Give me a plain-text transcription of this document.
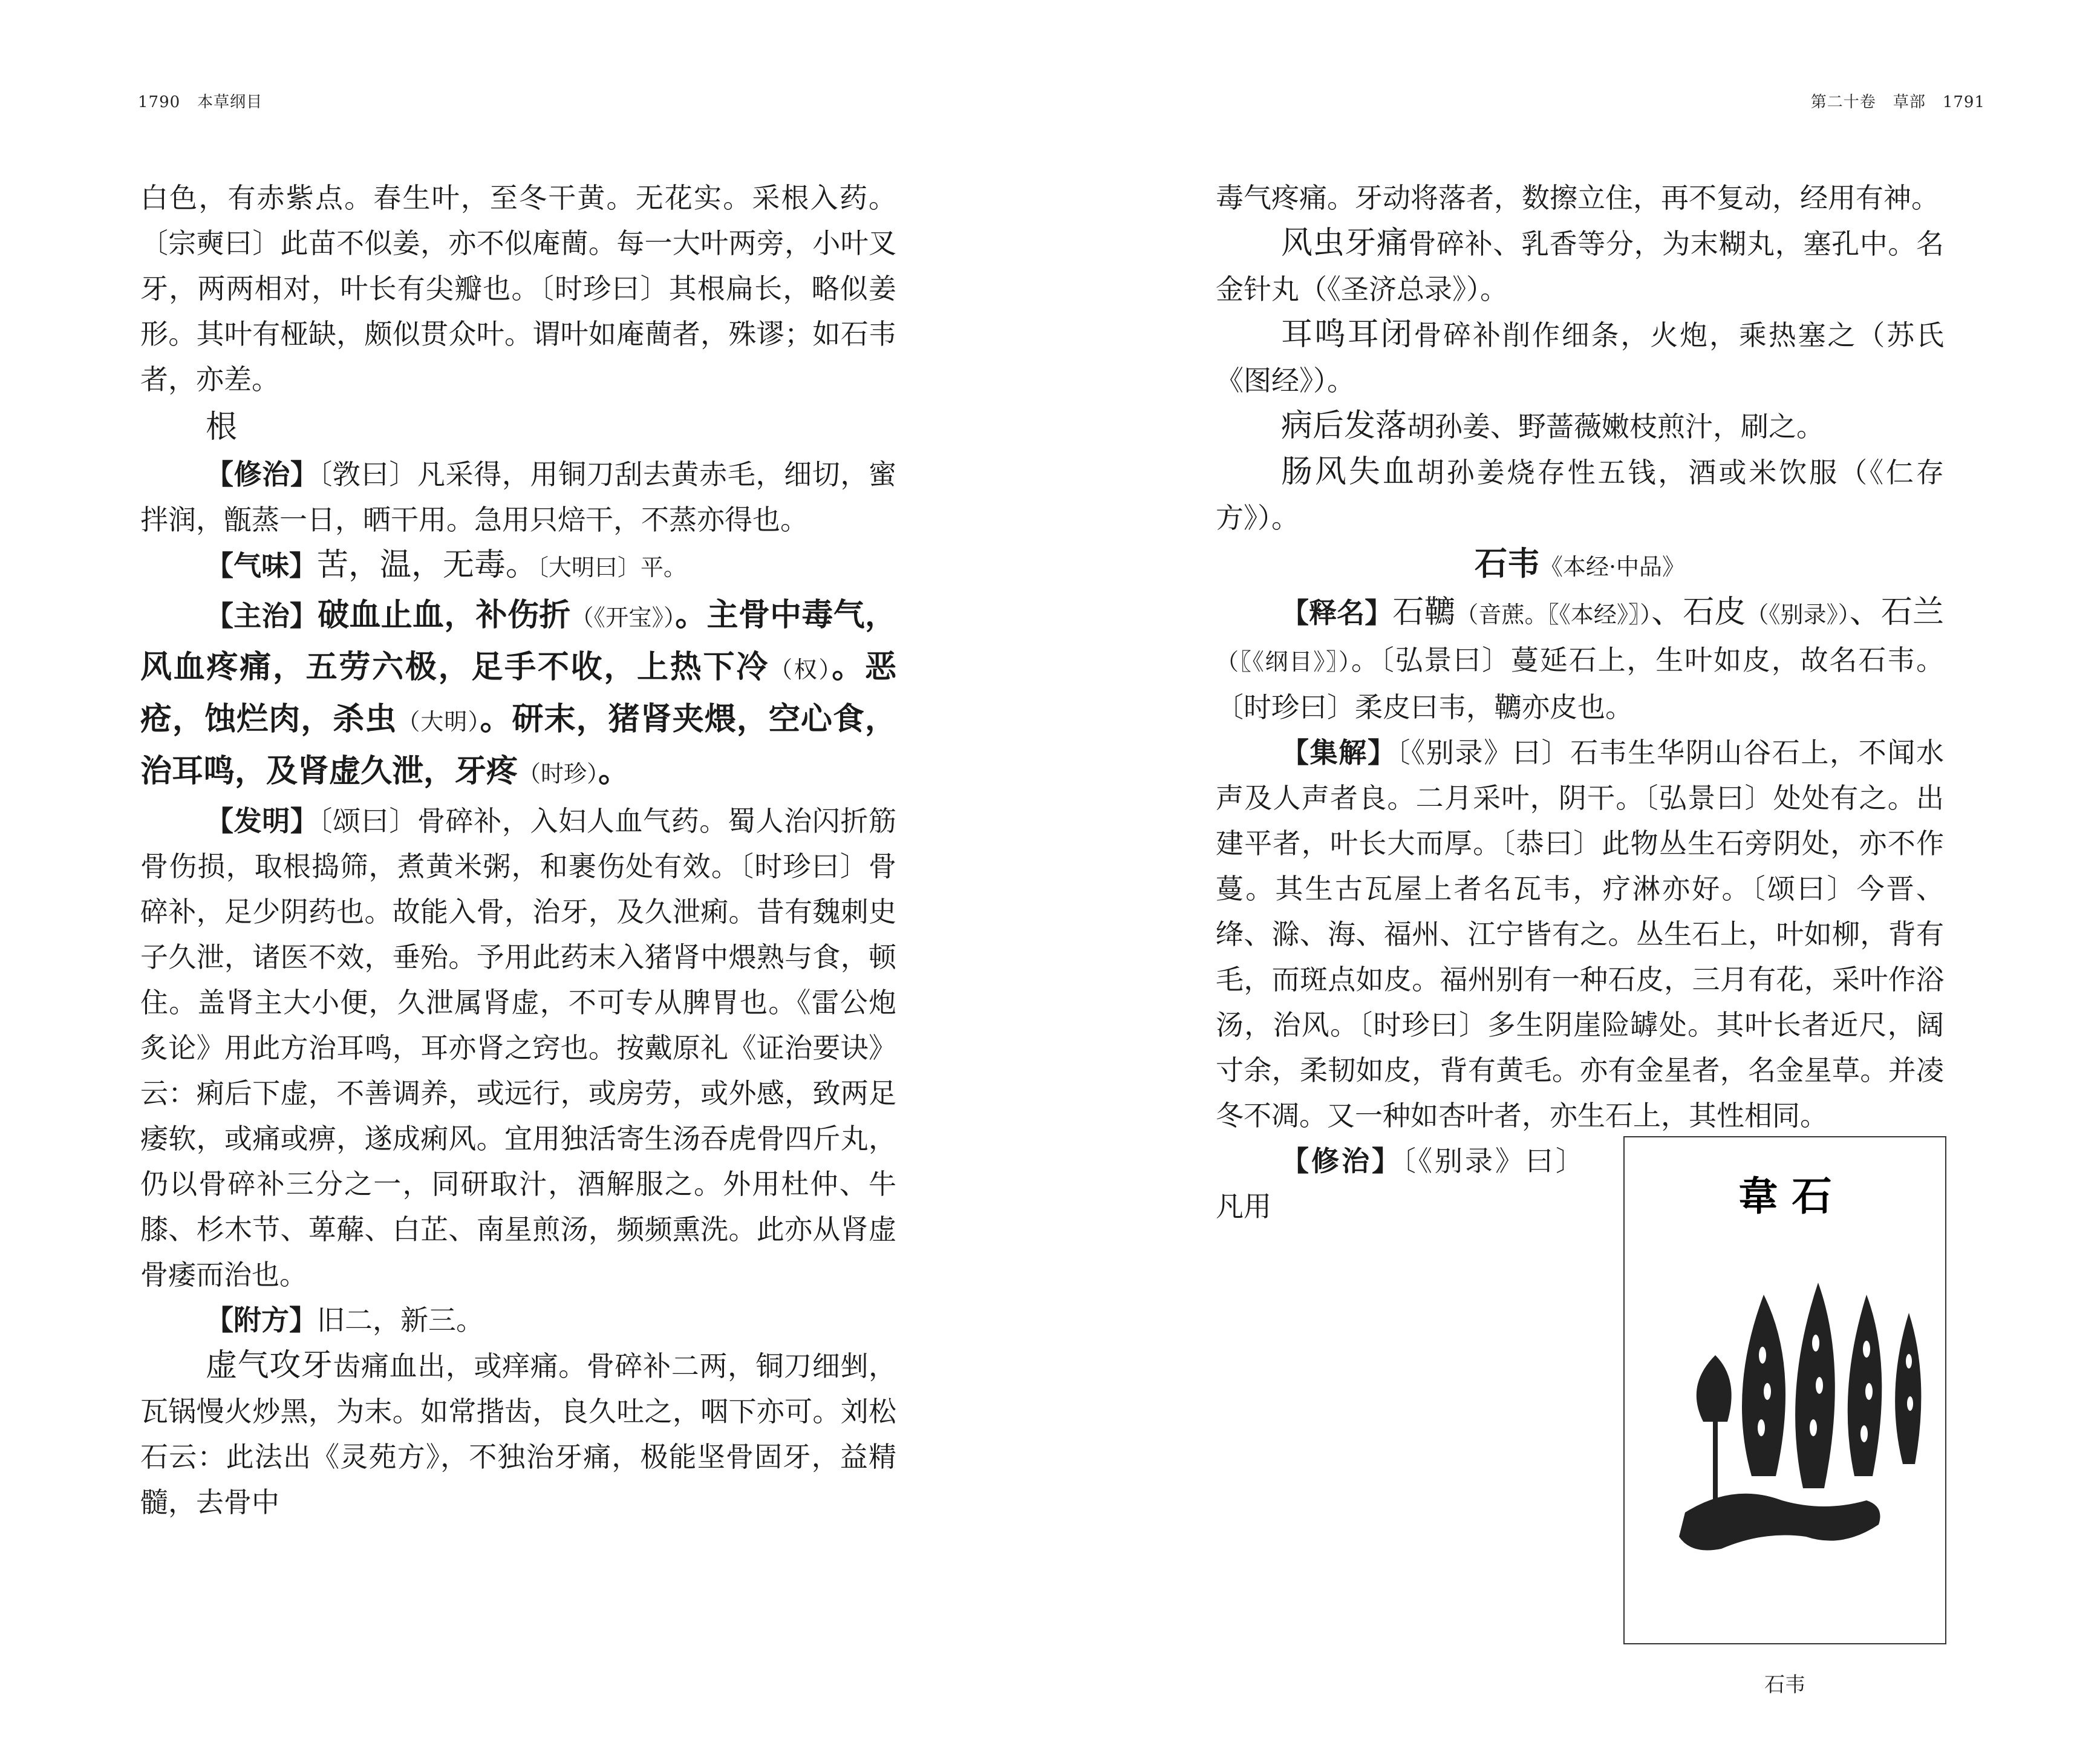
1790 本草纲目

白色，有赤紫点。春生叶，至冬干黄。无花实。采根入药。〔宗奭曰〕此苗不似姜，亦不似庵蕳。每一大叶两旁，小叶叉牙，两两相对，叶长有尖瓣也。〔时珍曰〕其根扁长，略似姜形。其叶有桠缺，颇似贯众叶。谓叶如庵蕳者，殊谬；如石韦者，亦差。

根

【修治】〔敩曰〕凡采得，用铜刀刮去黄赤毛，细切，蜜拌润，甑蒸一日，晒干用。急用只焙干，不蒸亦得也。

【气味】苦，温，无毒。〔大明曰〕平。

【主治】破血止血，补伤折（《开宝》）。主骨中毒气，风血疼痛，五劳六极，足手不收，上热下冷（权）。恶疮，蚀烂肉，杀虫（大明）。研末，猪肾夹煨，空心食，治耳鸣，及肾虚久泄，牙疼（时珍）。

【发明】〔颂曰〕骨碎补，入妇人血气药。蜀人治闪折筋骨伤损，取根捣筛，煮黄米粥，和裹伤处有效。〔时珍曰〕骨碎补，足少阴药也。故能入骨，治牙，及久泄痢。昔有魏刺史子久泄，诸医不效，垂殆。予用此药末入猪肾中煨熟与食，顿住。盖肾主大小便，久泄属肾虚，不可专从脾胃也。《雷公炮炙论》用此方治耳鸣，耳亦肾之窍也。按戴原礼《证治要诀》云：痢后下虚，不善调养，或远行，或房劳，或外感，致两足痿软，或痛或痹，遂成痢风。宜用独活寄生汤吞虎骨四斤丸，仍以骨碎补三分之一，同研取汁，酒解服之。外用杜仲、牛膝、杉木节、萆薢、白芷、南星煎汤，频频熏洗。此亦从肾虚骨痿而治也。

【附方】旧二，新三。

虚气攻牙齿痛血出，或痒痛。骨碎补二两，铜刀细剉，瓦锅慢火炒黑，为末。如常揩齿，良久吐之，咽下亦可。刘松石云：此法出《灵苑方》，不独治牙痛，极能坚骨固牙，益精髓，去骨中

第二十卷 草部 1791

毒气疼痛。牙动将落者，数擦立住，再不复动，经用有神。

风虫牙痛骨碎补、乳香等分，为末糊丸，塞孔中。名金针丸（《圣济总录》）。

耳鸣耳闭骨碎补削作细条，火炮，乘热塞之（苏氏《图经》）。

病后发落胡孙姜、野蔷薇嫩枝煎汁，刷之。

肠风失血胡孙姜烧存性五钱，酒或米饮服（《仁存方》）。

石韦《本经·中品》

【释名】石韀（音蔗。〖《本经》〗）、石皮（《别录》）、石兰（〖《纲目》〗）。〔弘景曰〕蔓延石上，生叶如皮，故名石韦。〔时珍曰〕柔皮曰韦，韀亦皮也。

【集解】〔《别录》曰〕石韦生华阴山谷石上，不闻水声及人声者良。二月采叶，阴干。〔弘景曰〕处处有之。出建平者，叶长大而厚。〔恭曰〕此物丛生石旁阴处，亦不作蔓。其生古瓦屋上者名瓦韦，疗淋亦好。〔颂曰〕今晋、绛、滁、海、福州、江宁皆有之。丛生石上，叶如柳，背有毛，而斑点如皮。福州别有一种石皮，三月有花，采叶作浴汤，治风。〔时珍曰〕多生阴崖险罅处。其叶长者近尺，阔寸余，柔韧如皮，背有黄毛。亦有金星者，名金星草。并凌冬不凋。又一种如杏叶者，亦生石上，其性相同。

韋 石
石韦

【修治】〔《别录》曰〕凡用
